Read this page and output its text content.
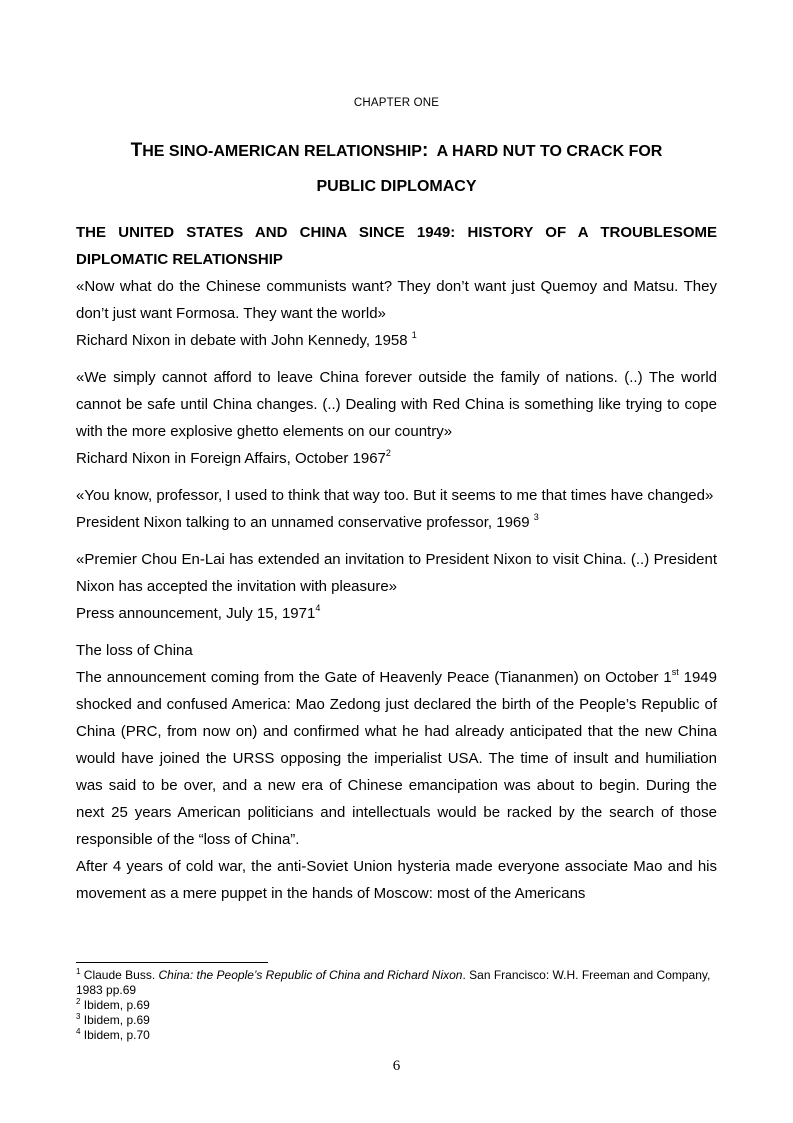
CHAPTER ONE
THE SINO-AMERICAN RELATIONSHIP: A HARD NUT TO CRACK FOR
PUBLIC DIPLOMACY

THE UNITED STATES AND CHINA SINCE 1949: HISTORY OF A TROUBLESOME DIPLOMATIC RELATIONSHIP

«Now what do the Chinese communists want? They don’t want just Quemoy and Matsu. They don’t just want Formosa. They want the world»

Richard Nixon in debate with John Kennedy, 1958 $^1$

«We simply cannot afford to leave China forever outside the family of nations. (..) The world cannot be safe until China changes. (..) Dealing with Red China is something like trying to cope with the more explosive ghetto elements on our country»

Richard Nixon in Foreign Affairs, October 1967$^2$

«You know, professor, I used to think that way too. But it seems to me that times have changed»

President Nixon talking to an unnamed conservative professor, 1969 $^3$

«Premier Chou En-Lai has extended an invitation to President Nixon to visit China. (..) President Nixon has accepted the invitation with pleasure»

Press announcement, July 15, 1971$^4$

The loss of China

The announcement coming from the Gate of Heavenly Peace (Tiananmen) on October 1st 1949 shocked and confused America: Mao Zedong just declared the birth of the People’s Republic of China (PRC, from now on) and confirmed what he had already anticipated that the new China would have joined the URSS opposing the imperialist USA. The time of insult and humiliation was said to be over, and a new era of Chinese emancipation was about to begin. During the next 25 years American politicians and intellectuals would be racked by the search of those responsible of the “loss of China”.

After 4 years of cold war, the anti-Soviet Union hysteria made everyone associate Mao and his movement as a mere puppet in the hands of Moscow: most of the Americans

$^1$ Claude Buss. China: the People’s Republic of China and Richard Nixon. San Francisco: W.H. Freeman and Company, 1983 pp.69

$^2$ Ibidem, p.69

$^3$ Ibidem, p.69

$^4$ Ibidem, p.70

6
